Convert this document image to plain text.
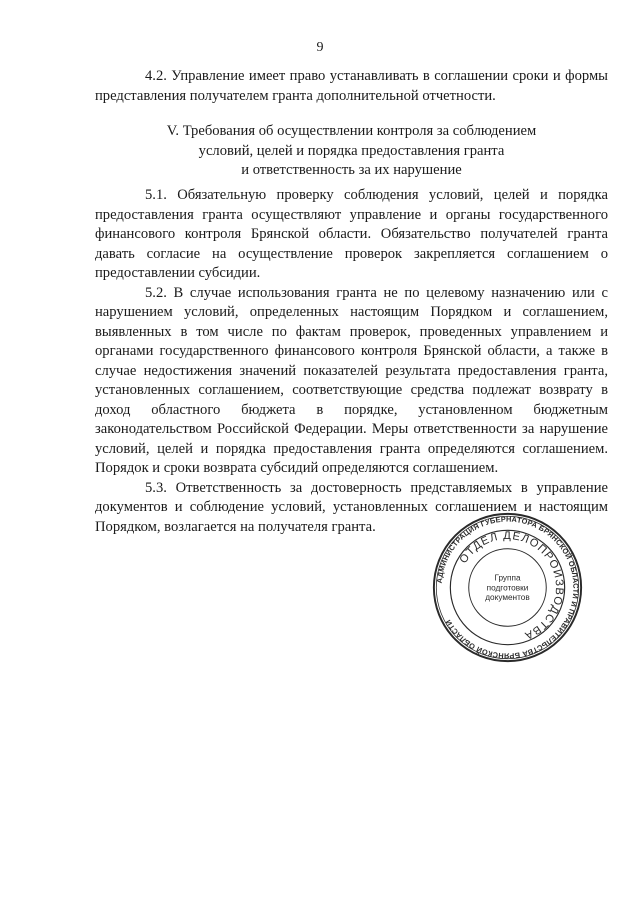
9

4.2. Управление имеет право устанавливать в соглашении сроки и формы представления получателем гранта дополнительной отчетности.

V. Требования об осуществлении контроля за соблюдением
условий, целей и порядка предоставления гранта
и ответственность за их нарушение

5.1. Обязательную проверку соблюдения условий, целей и порядка предоставления гранта осуществляют управление и органы государственного финансового контроля Брянской области. Обязательство получателей гранта давать согласие на осуществление проверок закрепляется соглашением о предоставлении субсидии.

5.2. В случае использования гранта не по целевому назначению или с нарушением условий, определенных настоящим Порядком и соглашением, выявленных в том числе по фактам проверок, проведенных управлением и органами государственного финансового контроля Брянской области, а также в случае недостижения значений показателей результата предоставления гранта, установленных соглашением, соответствующие средства подлежат возврату в доход областного бюджета в порядке, установленном бюджетным законодательством Российской Федерации. Меры ответственности за нарушение условий, целей и порядка предоставления гранта определяются соглашением. Порядок и сроки возврата субсидий определяются соглашением.

5.3. Ответственность за достоверность представляемых в управление документов и соблюдение условий, установленных соглашением и настоящим Порядком, возлагается на получателя гранта.

АДМИНИСТРАЦИЯ ГУБЕРНАТОРА БРЯНСКОЙ ОБЛАСТИ И ПРАВИТЕЛЬСТВА БРЯНСКОЙ ОБЛАСТИ
ОТДЕЛ ДЕЛОПРОИЗВОДСТВА
Группа
подготовки
документов
